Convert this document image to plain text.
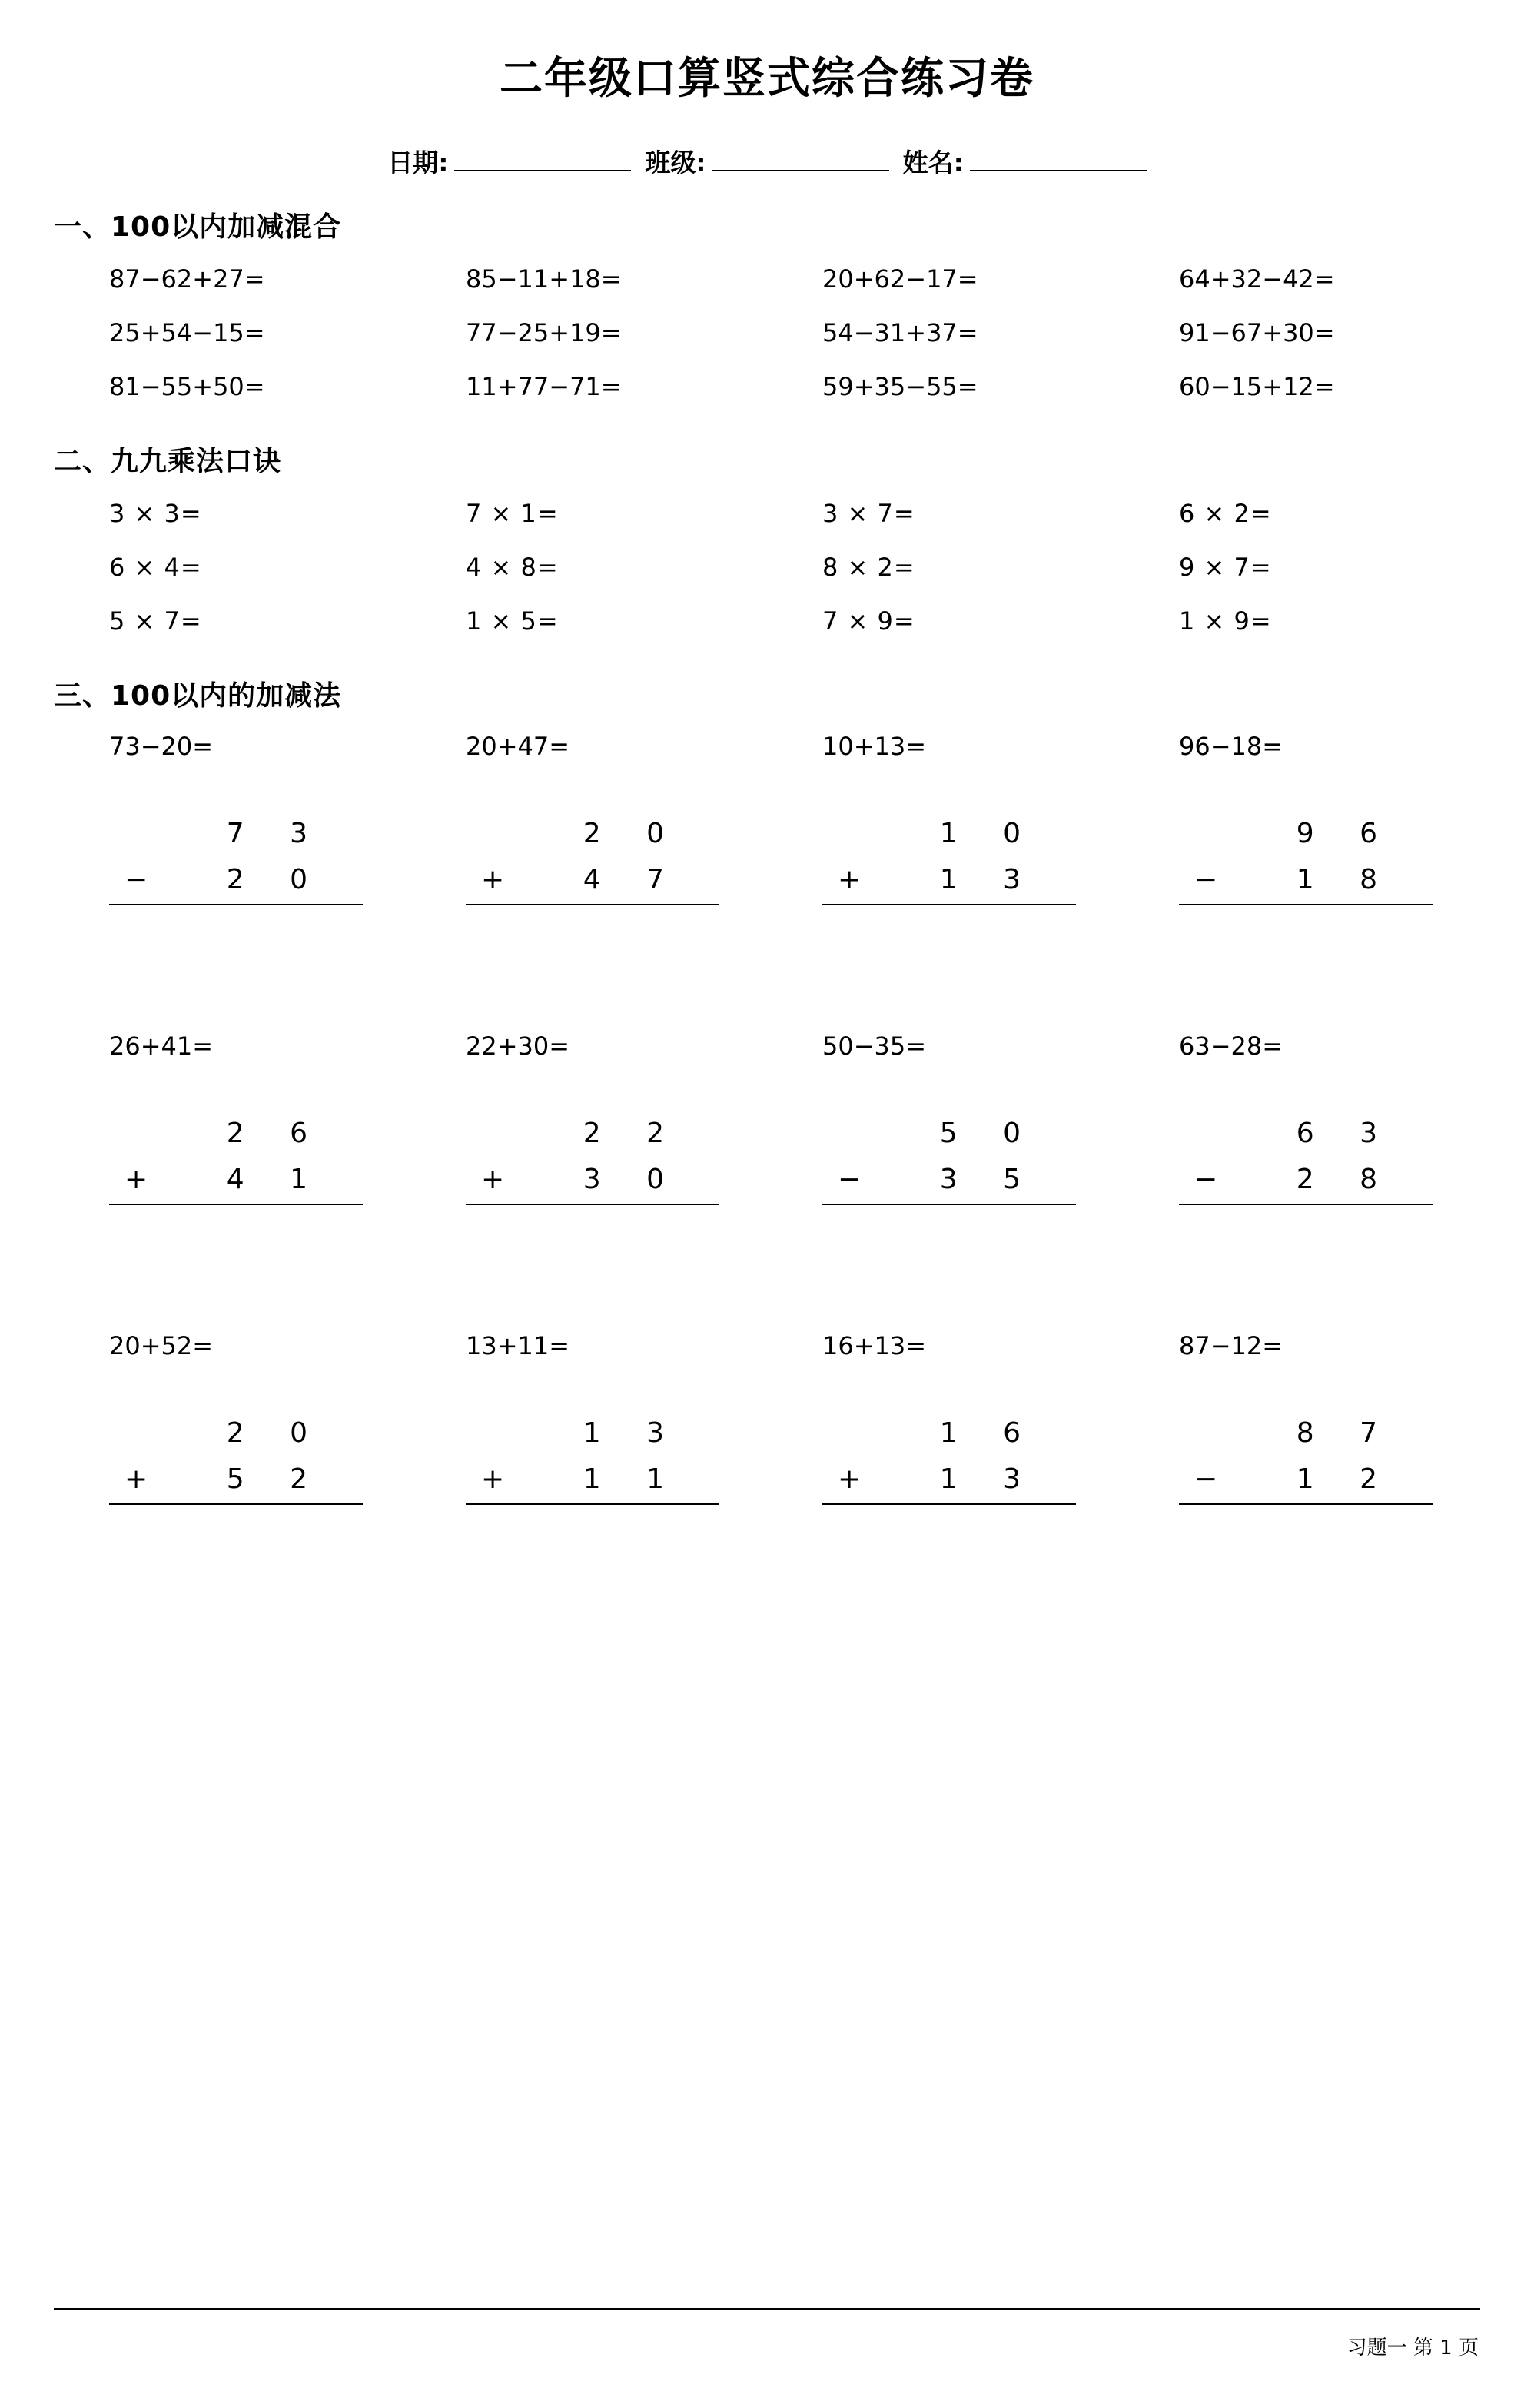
二年级口算竖式综合练习卷
日期:	班级:	姓名:
一、100以内加减混合
87−62+27=	85−11+18=	20+62−17=	64+32−42=
25+54−15=	77−25+19=	54−31+37=	91−67+30=
81−55+50=	11+77−71=	59+35−55=	60−15+12=
二、九九乘法口诀
3 × 3=	7 × 1=	3 × 7=	6 × 2=
6 × 4=	4 × 8=	8 × 2=	9 × 7=
5 × 7=	1 × 5=	7 × 9=	1 × 9=
三、100以内的加减法
73−20=
7 3
−	2 0
20+47=
2 0
+	4 7
10+13=
1 0
+	1 3
96−18=
9 6
−	1 8
26+41=
2 6
+	4 1
22+30=
2 2
+	3 0
50−35=
5 0
−	3 5
63−28=
6 3
−	2 8
20+52=
2 0
+	5 2
13+11=
1 3
+	1 1
16+13=
1 6
+	1 3
87−12=
8 7
−	1 2
习题一 第 1 页
